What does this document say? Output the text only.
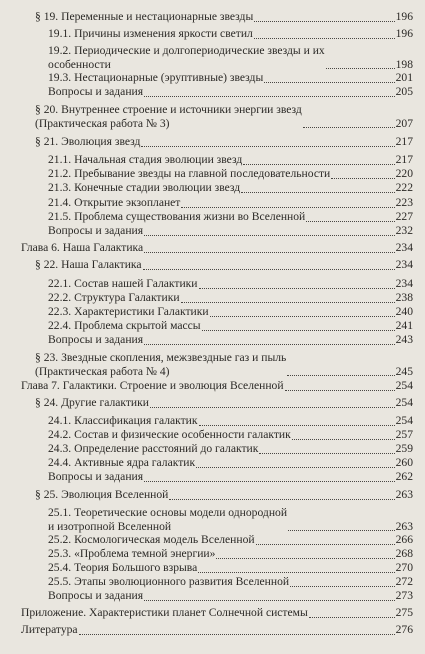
§ 19. Переменные и нестационарные звезды	196
19.1. Причины изменения яркости светил	196
19.2. Периодические и долгопериодические звезды и их
особенности	198
19.3. Нестационарные (эруптивные) звезды	201
Вопросы и задания	205
§ 20. Внутреннее строение и источники энергии звезд
(Практическая работа № 3)	207
§ 21. Эволюция звезд	217
21.1. Начальная стадия эволюции звезд	217
21.2. Пребывание звезды на главной последовательности	220
21.3. Конечные стадии эволюции звезд	222
21.4. Открытие экзопланет	223
21.5. Проблема существования жизни во Вселенной	227
Вопросы и задания	232
Глава 6. Наша Галактика	234
§ 22. Наша Галактика	234
22.1. Состав нашей Галактики	234
22.2. Структура Галактики	238
22.3. Характеристики Галактики	240
22.4. Проблема скрытой массы	241
Вопросы и задания	243
§ 23. Звездные скопления, межзвездные газ и пыль
(Практическая работа № 4)	245
Глава 7. Галактики. Строение и эволюция Вселенной	254
§ 24. Другие галактики	254
24.1. Классификация галактик	254
24.2. Состав и физические особенности галактик	257
24.3. Определение расстояний до галактик	259
24.4. Активные ядра галактик	260
Вопросы и задания	262
§ 25. Эволюция Вселенной	263
25.1. Теоретические основы модели однородной
и изотропной Вселенной	263
25.2. Космологическая модель Вселенной	266
25.3. «Проблема темной энергии»	268
25.4. Теория Большого взрыва	270
25.5. Этапы эволюционного развития Вселенной	272
Вопросы и задания	273
Приложение. Характеристики планет Солнечной системы	275
Литература	276
